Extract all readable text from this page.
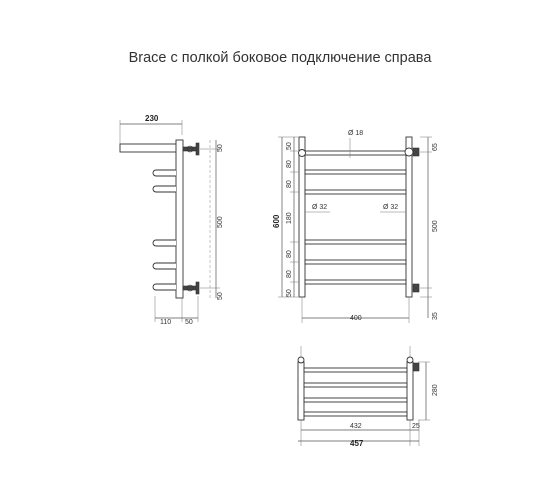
Brace с полкой боковое подключение справа
230
50
500
50
110 50
600
50
80
80
180
80
80
50
Ø 18
Ø 32	Ø 32
400
65
500
35
280
432	25
457
